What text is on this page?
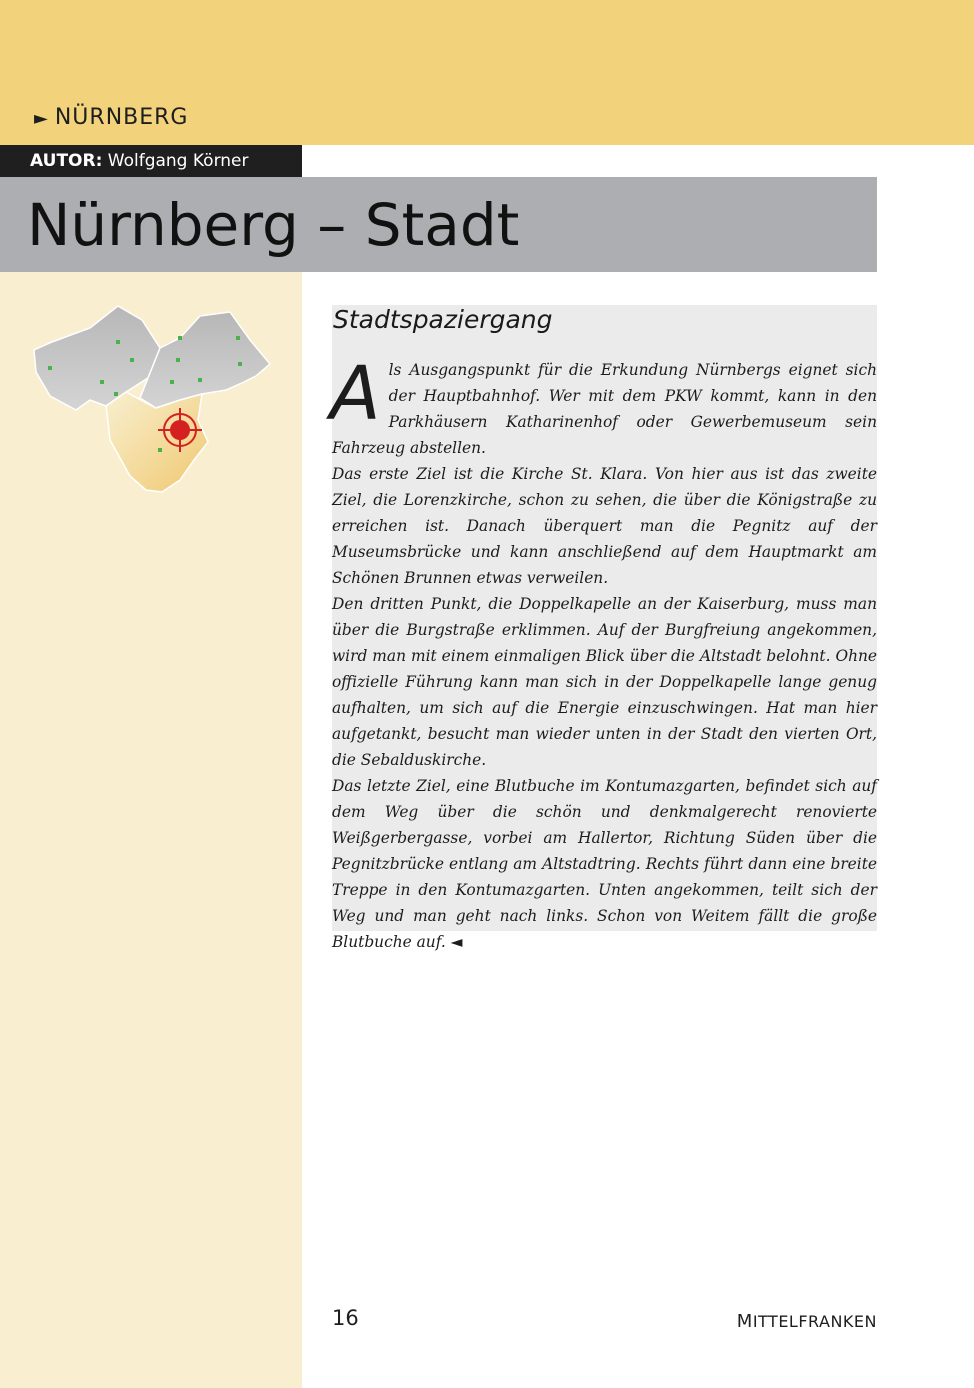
► NÜRNBERG
AUTOR: Wolfgang Körner
Nürnberg – Stadt
Stadtspaziergang

Als Ausgangspunkt für die Erkundung Nürnbergs eignet sich der Hauptbahnhof. Wer mit dem PKW kommt, kann in den Parkhäusern Katharinenhof oder Gewerbemuseum sein Fahrzeug abstellen.

Das erste Ziel ist die Kirche St. Klara. Von hier aus ist das zweite Ziel, die Lorenzkirche, schon zu sehen, die über die Königstraße zu erreichen ist. Danach überquert man die Pegnitz auf der Museumsbrücke und kann anschließend auf dem Hauptmarkt am Schönen Brunnen etwas verweilen.

Den dritten Punkt, die Doppelkapelle an der Kaiserburg, muss man über die Burgstraße erklimmen. Auf der Burgfreiung angekommen, wird man mit einem einmaligen Blick über die Altstadt belohnt. Ohne offizielle Führung kann man sich in der Doppelkapelle lange genug aufhalten, um sich auf die Energie einzuschwingen. Hat man hier aufgetankt, besucht man wieder unten in der Stadt den vierten Ort, die Sebalduskirche.

Das letzte Ziel, eine Blutbuche im Kontumazgarten, befindet sich auf dem Weg über die schön und denkmalgerecht renovierte Weißgerbergasse, vorbei am Hallertor, Richtung Süden über die Pegnitzbrücke entlang am Altstadtring. Rechts führt dann eine breite Treppe in den Kontumazgarten. Unten angekommen, teilt sich der Weg und man geht nach links. Schon von Weitem fällt die große Blutbuche auf. ◄

16	MITTELFRANKEN
